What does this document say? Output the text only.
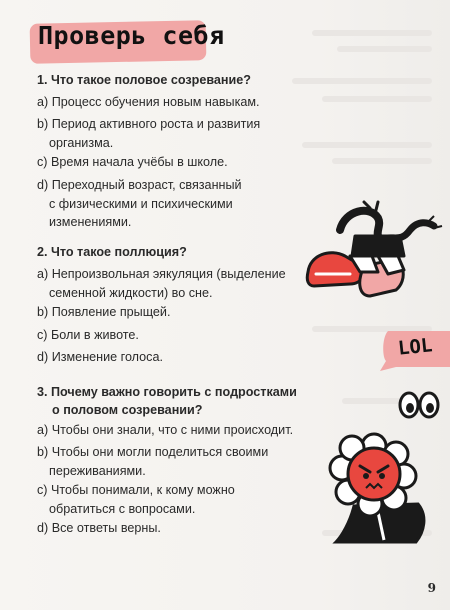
Проверь себя

1. Что такое половое созревание?

a) Процесс обучения новым навыкам.

b) Период активного роста и развития
организма.

c) Время начала учёбы в школе.

d) Переходный возраст, связанный
с физическими и психическими
изменениями.

2. Что такое поллюция?

a) Непроизвольная эякуляция (выделение
семенной жидкости) во сне.

b) Появление прыщей.

c) Боли в животе.

d) Изменение голоса.

3. Почему важно говорить с подростками
о половом созревании?

a) Чтобы они знали, что с ними происходит.

b) Чтобы они могли поделиться своими
переживаниями.

c) Чтобы понимали, к кому можно
обратиться с вопросами.

d) Все ответы верны.

LOL
9
